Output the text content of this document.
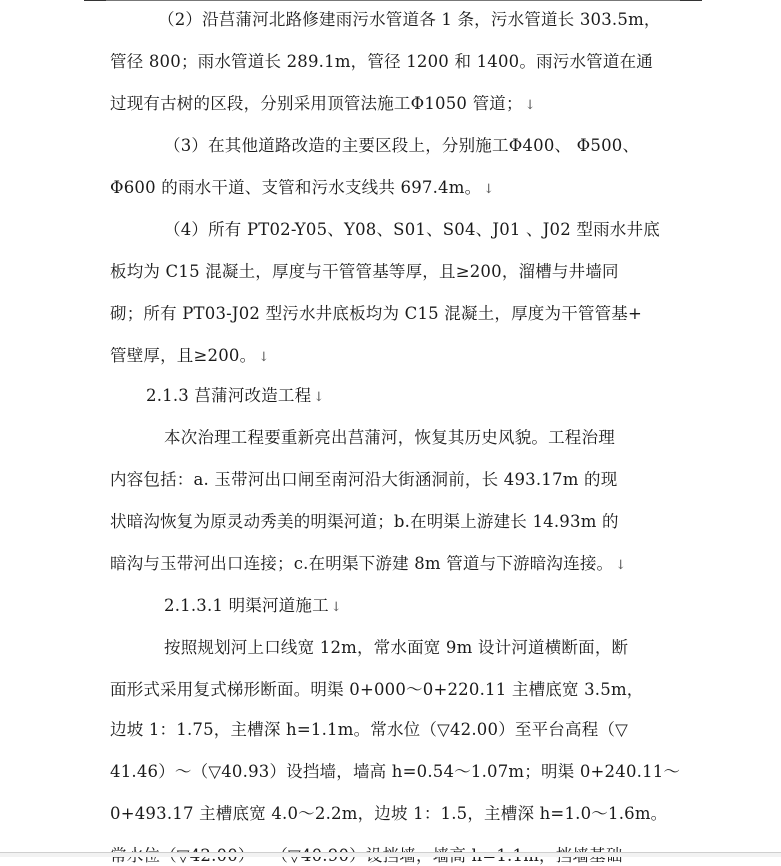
（2）沿莒蒲河北路修建雨污水管道各 1 条，污水管道长 303.5m，
管径 800；雨水管道长 289.1m，管径 1200 和 1400。雨污水管道在通
过现有古树的区段，分别采用顶管法施工Φ1050 管道； ↓
（3）在其他道路改造的主要区段上，分别施工Φ400、 Φ500、
Φ600 的雨水干道、支管和污水支线共 697.4m。 ↓
（4）所有 PT02-Y05、Y08、S01、S04、J01 、J02 型雨水井底
板均为 C15 混凝土，厚度与干管管基等厚，且≥200，溜槽与井墙同
砌；所有 PT03-J02 型污水井底板均为 C15 混凝土，厚度为干管管基+
管壁厚，且≥200。 ↓
2.1.3 莒蒲河改造工程 ↓
本次治理工程要重新亮出莒蒲河，恢复其历史风貌。工程治理
内容包括：a. 玉带河出口闸至南河沿大街涵洞前，长 493.17m 的现
状暗沟恢复为原灵动秀美的明渠河道；b.在明渠上游建长 14.93m 的
暗沟与玉带河出口连接；c.在明渠下游建 8m 管道与下游暗沟连接。 ↓
2.1.3.1 明渠河道施工 ↓
按照规划河上口线宽 12m，常水面宽 9m 设计河道横断面，断
面形式采用复式梯形断面。明渠 0+000～0+220.11 主槽底宽 3.5m，
边坡 1：1.75，主槽深 h=1.1m。常水位（▽42.00）至平台高程（▽
41.46）～（▽40.93）设挡墙，墙高 h=0.54～1.07m；明渠 0+240.11～
0+493.17 主槽底宽 4.0～2.2m，边坡 1：1.5，主槽深 h=1.0～1.6m。
